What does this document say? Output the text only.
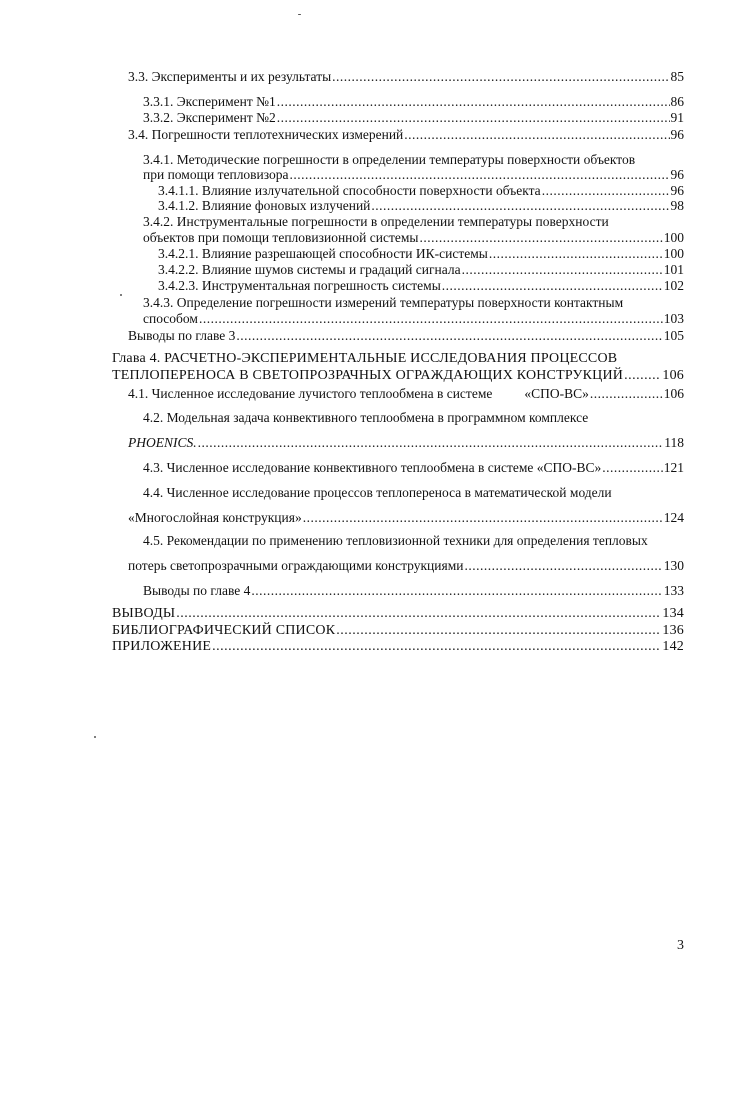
3.3. Эксперименты и их результаты .....	85
3.3.1. Эксперимент №1 .....	86
3.3.2. Эксперимент №2 .....	91
3.4. Погрешности теплотехнических измерений .....	96
3.4.1. Методические погрешности в определении температуры поверхности объектов
при помощи тепловизора .....	96
3.4.1.1. Влияние излучательной способности поверхности объекта .....	96
3.4.1.2. Влияние фоновых излучений .....	98
3.4.2. Инструментальные погрешности в определении температуры поверхности
объектов при помощи тепловизионной системы .....	100
3.4.2.1. Влияние разрешающей способности ИК-системы .....	100
3.4.2.2. Влияние шумов системы и градаций сигнала .....	101
3.4.2.3. Инструментальная погрешность системы .....	102
3.4.3. Определение погрешности измерений температуры поверхности контактным
способом .....	103
Выводы по главе 3 .....	105
Глава 4. РАСЧЕТНО-ЭКСПЕРИМЕНТАЛЬНЫЕ ИССЛЕДОВАНИЯ ПРОЦЕССОВ
ТЕПЛОПЕРЕНОСА В СВЕТОПРОЗРАЧНЫХ ОГРАЖДАЮЩИХ КОНСТРУКЦИЙ .....	106
4.1. Численное исследование лучистого теплообмена в системе «СПО-ВС» .....	106
4.2. Модельная задача конвективного теплообмена в программном комплексе
PHOENICS. .....	118
4.3. Численное исследование конвективного теплообмена в системе «СПО-ВС» .....	121
4.4. Численное исследование процессов теплопереноса в математической модели
«Многослойная конструкция» .....	124
4.5. Рекомендации по применению тепловизионной техники для определения тепловых
потерь светопрозрачными ограждающими конструкциями .....	130
Выводы по главе 4 .....	133
ВЫВОДЫ .....	134
БИБЛИОГРАФИЧЕСКИЙ СПИСОК .....	136
ПРИЛОЖЕНИЕ .....	142
3
